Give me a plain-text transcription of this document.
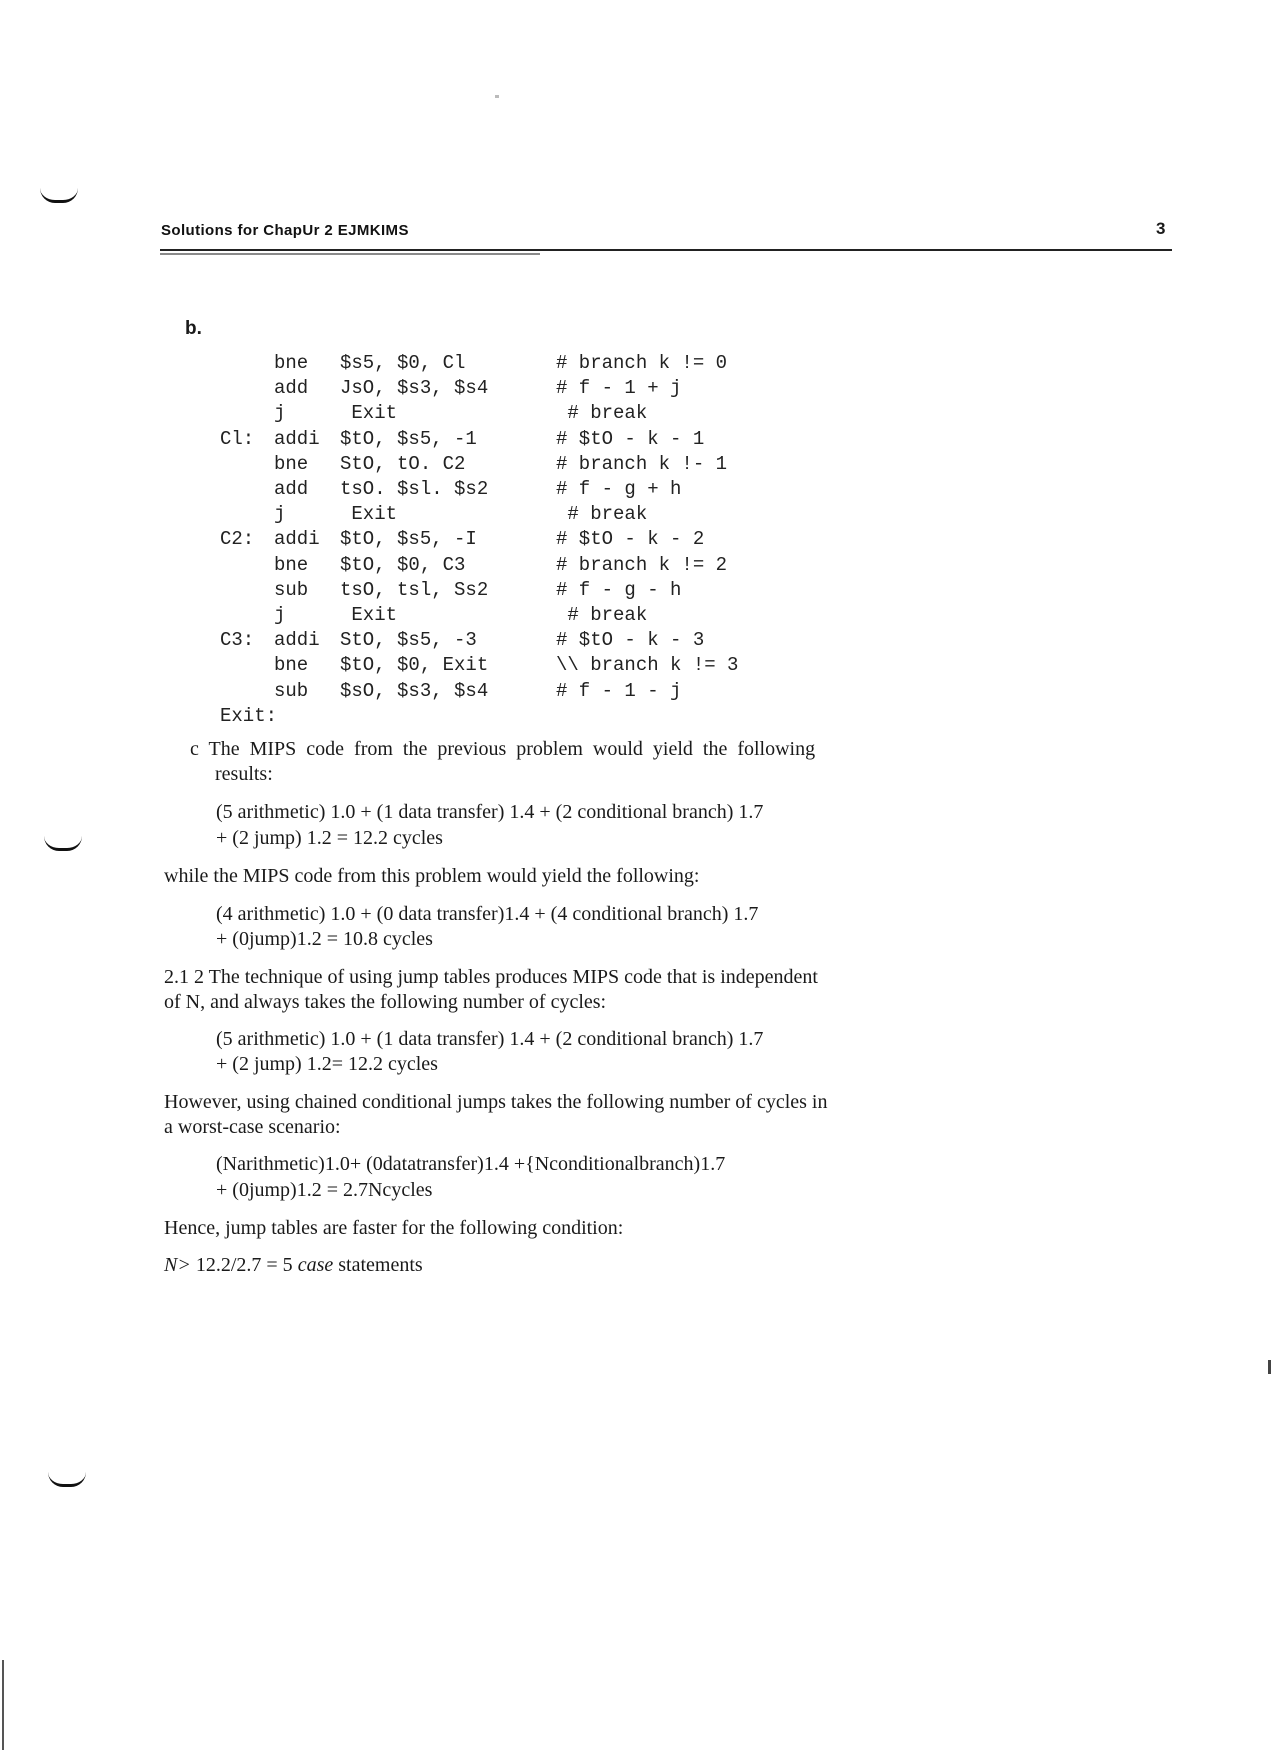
Solutions for ChapUr 2 EJMKIMS	3
b.
bne $s5, $0, Cl	# branch k != 0
add JsO, $s3, $s4	# f - 1 + j
j	Exit	# break
Cl: addi $tO, $s5, -1	# $tO - k - 1
bne StO, tO. C2	# branch k !- 1
add tsO. $sl. $s2	# f - g + h
j	Exit	# break
C2: addi $tO, $s5, -I	# $tO - k - 2
bne $tO, $0, C3	# branch k != 2
sub tsO, tsl, Ss2	# f - g - h
j	Exit	# break
C3: addi StO, $s5, -3	# $tO - k - 3
bne $tO, $0, Exit	\\ branch k != 3
sub $sO, $s3, $s4	# f - 1 - j
Exit:
c The MIPS code from the previous problem would yield the following
results:
(5 arithmetic) 1.0 + (1 data transfer) 1.4 + (2 conditional branch) 1.7
+ (2 jump) 1.2 = 12.2 cycles
while the MIPS code from this problem would yield the following:
(4 arithmetic) 1.0 + (0 data transfer)1.4 + (4 conditional branch) 1.7
+ (0jump)1.2 = 10.8 cycles
2.1 2 The technique of using jump tables produces MIPS code that is independent
of N, and always takes the following number of cycles:
(5 arithmetic) 1.0 + (1 data transfer) 1.4 + (2 conditional branch) 1.7
+ (2 jump) 1.2= 12.2 cycles
However, using chained conditional jumps takes the following number of cycles in
a worst-case scenario:
(Narithmetic)1.0+ (0datatransfer)1.4 +{Nconditionalbranch)1.7
+ (0jump)1.2 = 2.7Ncycles
Hence, jump tables are faster for the following condition:
N> 12.2/2.7 = 5 case statements
